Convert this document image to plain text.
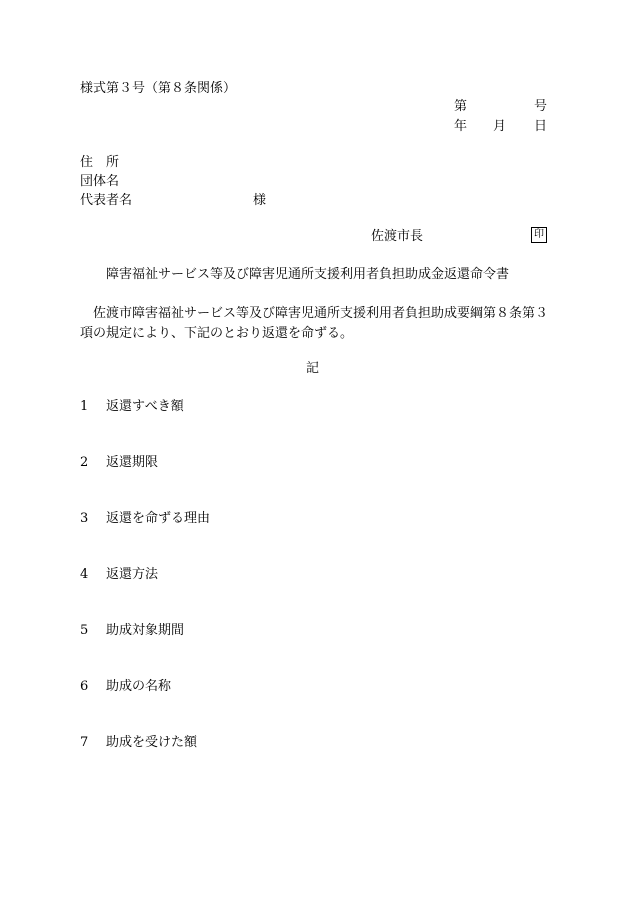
様式第３号（第８条関係）
第	号
年 月 日
住　所
団体名
代表者名	様
佐渡市長	印
障害福祉サービス等及び障害児通所支援利用者負担助成金返還命令書
佐渡市障害福祉サービス等及び障害児通所支援利用者負担助成要綱第８条第３項の規定により、下記のとおり返還を命ずる。
記
1 返還すべき額
2 返還期限
3 返還を命ずる理由
4 返還方法
5 助成対象期間
6 助成の名称
7 助成を受けた額
